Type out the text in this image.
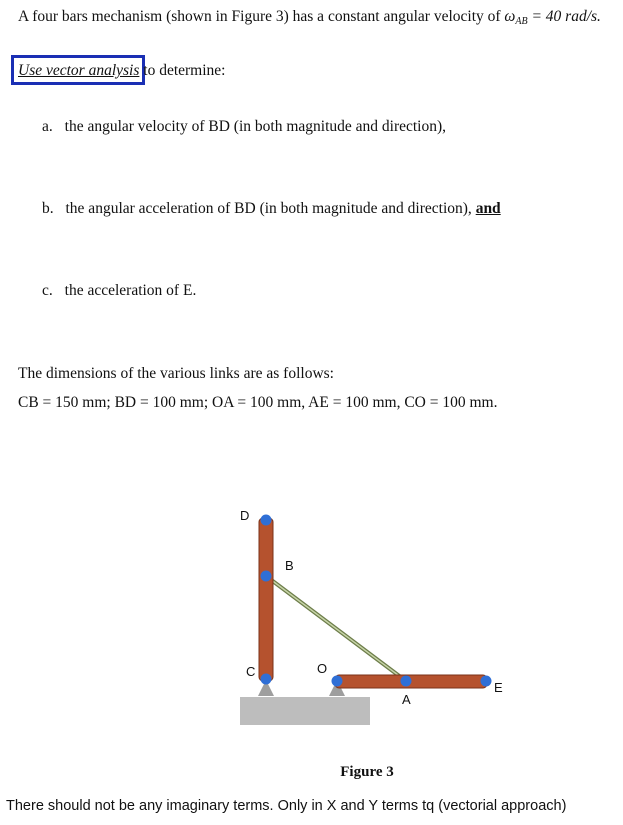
A four bars mechanism (shown in Figure 3) has a constant angular velocity of $\omega_{AB} = 40$ rad/s.
Use vector analysis to determine:
a. the angular velocity of BD (in both magnitude and direction),
b. the angular acceleration of BD (in both magnitude and direction), and
c. the acceleration of E.
The dimensions of the various links are as follows:
CB = 150 mm; BD = 100 mm; OA = 100 mm, AE = 100 mm, CO = 100 mm.
D
B
C	O
A
E
Figure 3
There should not be any imaginary terms. Only in X and Y terms tq (vectorial approach)
